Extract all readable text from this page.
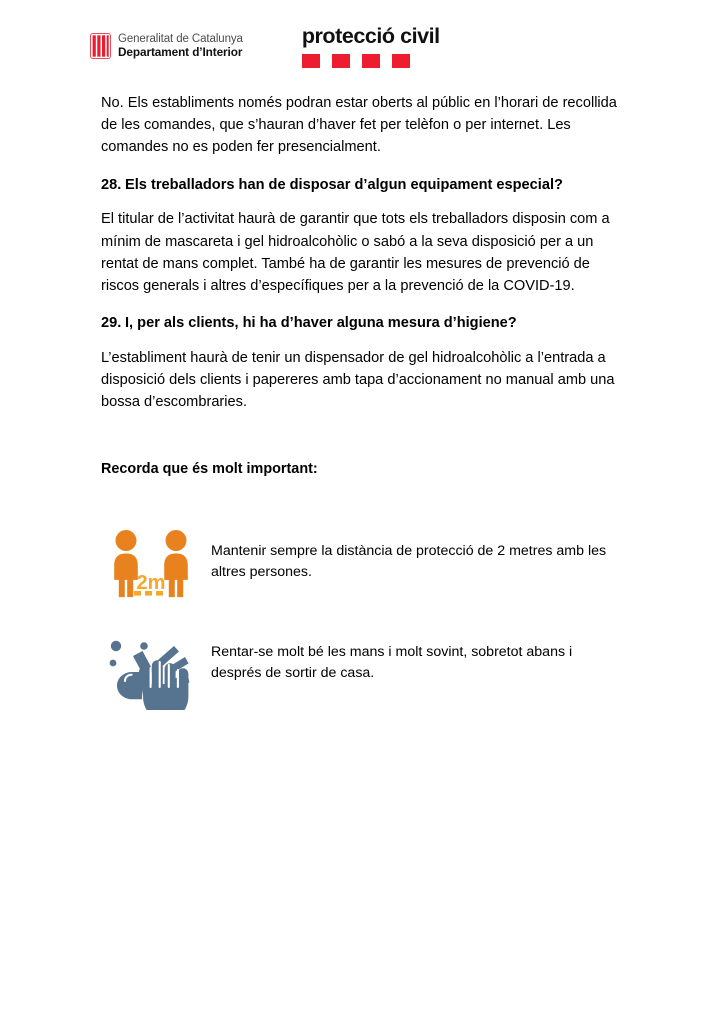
Generalitat de Catalunya
Departament d’Interior
protecció civil

No. Els establiments només podran estar oberts al públic en l’horari de recollida de les comandes, que s’hauran d’haver fet per telèfon o per internet. Les comandes no es poden fer presencialment.

28. Els treballadors han de disposar d’algun equipament especial?

El titular de l’activitat haurà de garantir que tots els treballadors disposin com a mínim de mascareta i gel hidroalcohòlic o sabó a la seva disposició per a un rentat de mans complet. També ha de garantir les mesures de prevenció de riscos generals i altres d’específiques per a la prevenció de la COVID-19.

29. I, per als clients, hi ha d’haver alguna mesura d’higiene?

L’establiment haurà de tenir un dispensador de gel hidroalcohòlic a l’entrada a disposició dels clients i papereres amb tapa d’accionament no manual amb una bossa d’escombraries.

Recorda que és molt important:
2m
Mantenir sempre la distància de protecció de 2 metres amb les altres persones.
Rentar-se molt bé les mans i molt sovint, sobretot abans i després de sortir de casa.
